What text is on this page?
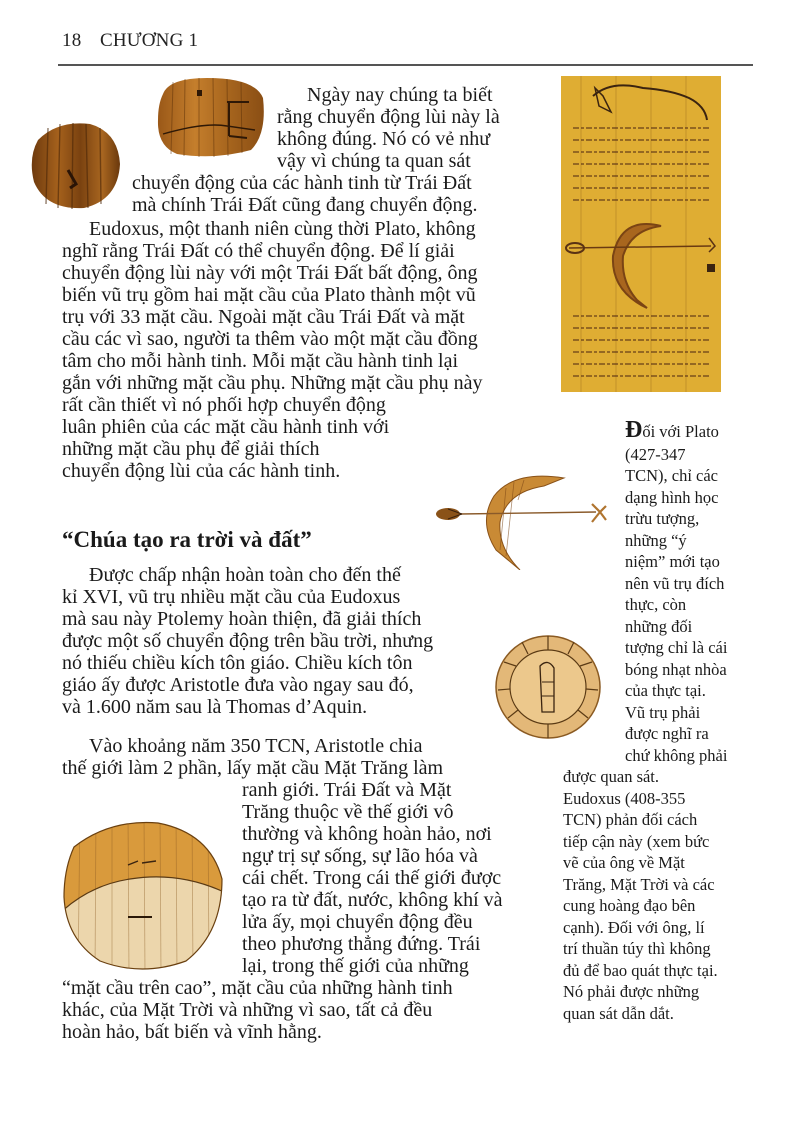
18 CHƯƠNG 1
Ngày nay chúng ta biết
rằng chuyển động lùi này là
không đúng. Nó có vẻ như
vậy vì chúng ta quan sát
chuyển động của các hành tinh từ Trái Đất
mà chính Trái Đất cũng đang chuyển động.
Eudoxus, một thanh niên cùng thời Plato, không
nghĩ rằng Trái Đất có thể chuyển động. Để lí giải
chuyển động lùi này với một Trái Đất bất động, ông
biến vũ trụ gồm hai mặt cầu của Plato thành một vũ
trụ với 33 mặt cầu. Ngoài mặt cầu Trái Đất và mặt
cầu các vì sao, người ta thêm vào một mặt cầu đồng
tâm cho mỗi hành tinh. Mỗi mặt cầu hành tinh lại
gắn với những mặt cầu phụ. Những mặt cầu phụ này
rất cần thiết vì nó phối hợp chuyển động
luân phiên của các mặt cầu hành tinh với
những mặt cầu phụ để giải thích
chuyển động lùi của các hành tinh.
“Chúa tạo ra trời và đất”
Được chấp nhận hoàn toàn cho đến thế
kỉ XVI, vũ trụ nhiều mặt cầu của Eudoxus
mà sau này Ptolemy hoàn thiện, đã giải thích
được một số chuyển động trên bầu trời, nhưng
nó thiếu chiều kích tôn giáo. Chiều kích tôn
giáo ấy được Aristotle đưa vào ngay sau đó,
và 1.600 năm sau là Thomas d’Aquin.
Vào khoảng năm 350 TCN, Aristotle chia
thế giới làm 2 phần, lấy mặt cầu Mặt Trăng làm
ranh giới. Trái Đất và Mặt
Trăng thuộc về thế giới vô
thường và không hoàn hảo, nơi
ngự trị sự sống, sự lão hóa và
cái chết. Trong cái thế giới được
tạo ra từ đất, nước, không khí và
lửa ấy, mọi chuyển động đều
theo phương thẳng đứng. Trái
lại, trong thế giới của những
“mặt cầu trên cao”, mặt cầu của những hành tinh
khác, của Mặt Trời và những vì sao, tất cả đều
hoàn hảo, bất biến và vĩnh hằng.
Đối với Plato
(427-347
TCN), chỉ các
dạng hình học
trừu tượng,
những “ý
niệm” mới tạo
nên vũ trụ đích
thực, còn
những đối
tượng chỉ là cái
bóng nhạt nhòa
của thực tại.
Vũ trụ phải
được nghĩ ra
chứ không phải
được quan sát.
Eudoxus (408-355
TCN) phản đối cách
tiếp cận này (xem bức
vẽ của ông về Mặt
Trăng, Mặt Trời và các
cung hoàng đạo bên
cạnh). Đối với ông, lí
trí thuần túy thì không
đủ để bao quát thực tại.
Nó phải được những
quan sát dẫn dắt.
